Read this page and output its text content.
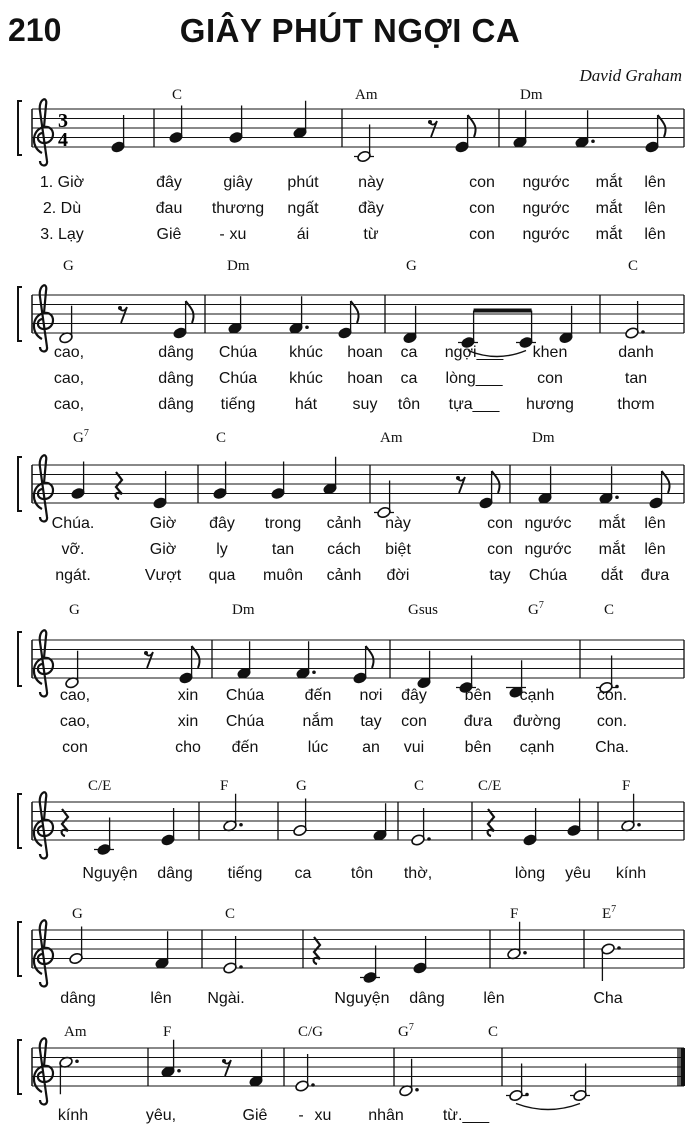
210	GIÂY PHÚT NGỢI CA
David Graham
3
4
C	Am	Dm
1. Giờ	đây	giây phút này	con ngước mắt lên
2. Dù	đau thương ngất đầy	con ngước mắt lên
3. Lạy	Giê - xu	ái	từ	con ngước mắt lên
G	Dm	G	C
cao,	dâng Chúa khúc hoan ca ngợi___ khen	danh
cao,	dâng Chúa khúc hoan ca lòng___ con	tan
cao,	dâng tiếng hát suy tôn tựa___ hương	thơm
$G^7$	C	Am	Dm
Chúa.	Giờ đây trong cảnh này	con ngước mắt lên
vỡ.	Giờ ly	tan cách biệt	con ngước mắt lên
ngát.	Vượt qua muôn cảnh đời	tay Chúa dắt đưa
G	Dm	Gsus	$G^7$	C
cao,	xin Chúa	đến nơi đây bên cạnh	con.
cao,	xin Chúa nắm tay con đưa đường con.
con	cho đến	lúc an vui	bên cạnh	Cha.
C/E	F	G	C	C/E	F
Nguyện dâng tiếng ca tôn thờ,	lòng yêu kính
G	C	F	$E^7$
dâng	lên Ngài.	Nguyện dâng lên	Cha
Am	F	C/G	$G^7$	C
kính	yêu,	Giê - xu nhân từ.___
